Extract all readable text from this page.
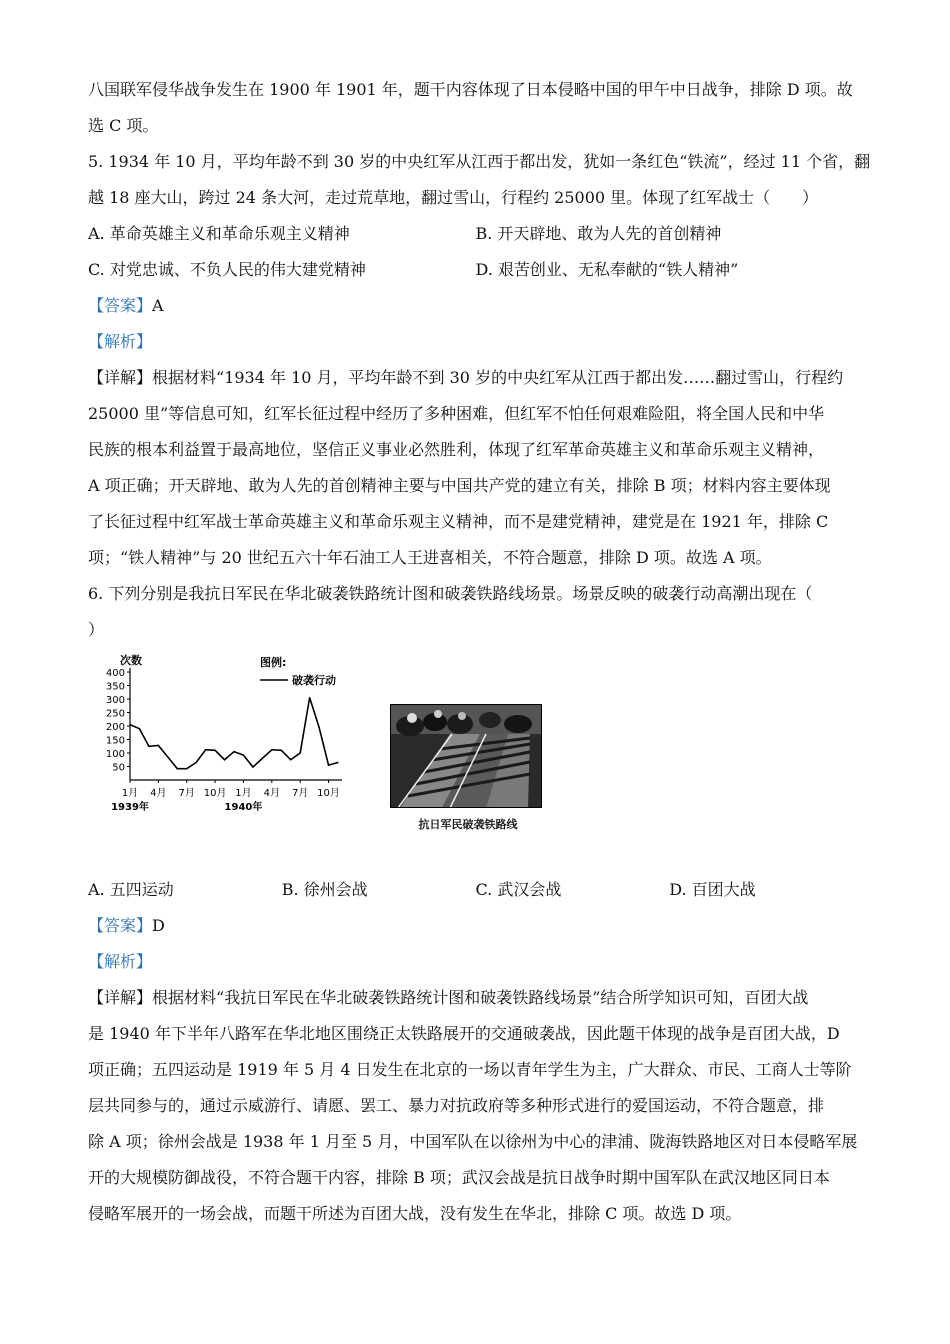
八国联军侵华战争发生在 1900 年 1901 年，题干内容体现了日本侵略中国的甲午中日战争，排除 D 项。故
选 C 项。
5. 1934 年 10 月，平均年龄不到 30 岁的中央红军从江西于都出发，犹如一条红色“铁流”，经过 11 个省，翻
越 18 座大山，跨过 24 条大河，走过荒草地，翻过雪山，行程约 25000 里。体现了红军战士（　　）
A. 革命英雄主义和革命乐观主义精神	B. 开天辟地、敢为人先的首创精神
C. 对党忠诚、不负人民的伟大建党精神	D. 艰苦创业、无私奉献的“铁人精神”
【答案】A
【解析】
【详解】根据材料“1934 年 10 月，平均年龄不到 30 岁的中央红军从江西于都出发……翻过雪山，行程约
25000 里”等信息可知，红军长征过程中经历了多种困难，但红军不怕任何艰难险阻，将全国人民和中华
民族的根本利益置于最高地位，坚信正义事业必然胜利，体现了红军革命英雄主义和革命乐观主义精神，
A 项正确；开天辟地、敢为人先的首创精神主要与中国共产党的建立有关，排除 B 项；材料内容主要体现
了长征过程中红军战士革命英雄主义和革命乐观主义精神，而不是建党精神，建党是在 1921 年，排除 C
项；“铁人精神”与 20 世纪五六十年石油工人王进喜相关，不符合题意，排除 D 项。故选 A 项。
6. 下列分别是我抗日军民在华北破袭铁路统计图和破袭铁路线场景。场景反映的破袭行动高潮出现在（
）
次数
50
100
150
200
250
300
350
400
1月 4月 7月 10月 1月 4月 7月 10月
1939年	1940年
图例:
破袭行动
抗日军民破袭铁路线
A. 五四运动	B. 徐州会战	C. 武汉会战	D. 百团大战
【答案】D
【解析】
【详解】根据材料“我抗日军民在华北破袭铁路统计图和破袭铁路线场景”结合所学知识可知，百团大战
是 1940 年下半年八路军在华北地区围绕正太铁路展开的交通破袭战，因此题干体现的战争是百团大战，D
项正确；五四运动是 1919 年 5 月 4 日发生在北京的一场以青年学生为主，广大群众、市民、工商人士等阶
层共同参与的，通过示威游行、请愿、罢工、暴力对抗政府等多种形式进行的爱国运动，不符合题意，排
除 A 项；徐州会战是 1938 年 1 月至 5 月，中国军队在以徐州为中心的津浦、陇海铁路地区对日本侵略军展
开的大规模防御战役，不符合题干内容，排除 B 项；武汉会战是抗日战争时期中国军队在武汉地区同日本
侵略军展开的一场会战，而题干所述为百团大战，没有发生在华北，排除 C 项。故选 D 项。
